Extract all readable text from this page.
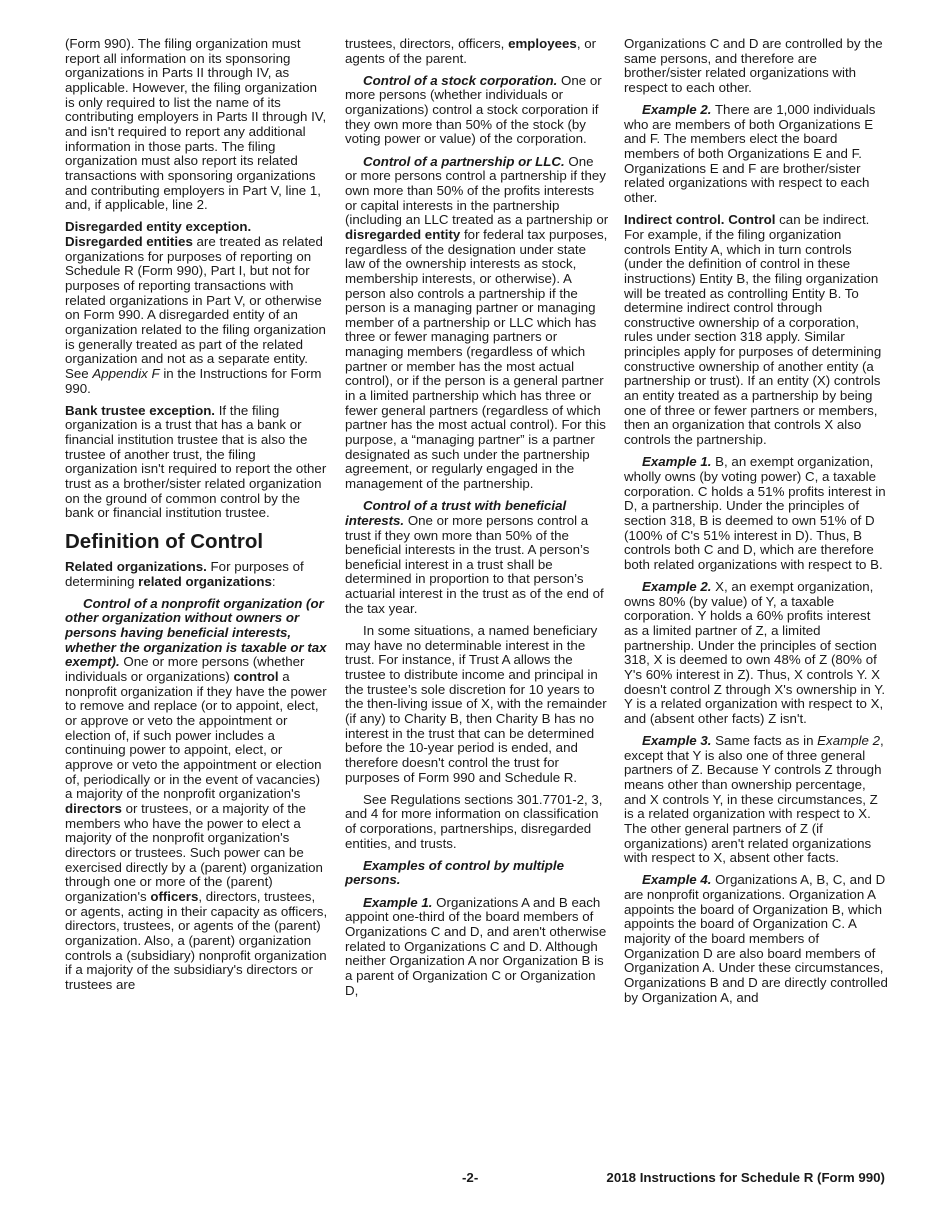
(Form 990). The filing organization must report all information on its sponsoring organizations in Parts II through IV, as applicable. However, the filing organization is only required to list the name of its contributing employers in Parts II through IV, and isn't required to report any additional information in those parts. The filing organization must also report its related transactions with sponsoring organizations and contributing employers in Part V, line 1, and, if applicable, line 2.

Disregarded entity exception. Disregarded entities are treated as related organizations for purposes of reporting on Schedule R (Form 990), Part I, but not for purposes of reporting transactions with related organizations in Part V, or otherwise on Form 990. A disregarded entity of an organization related to the filing organization is generally treated as part of the related organization and not as a separate entity. See Appendix F in the Instructions for Form 990.

Bank trustee exception. If the filing organization is a trust that has a bank or financial institution trustee that is also the trustee of another trust, the filing organization isn't required to report the other trust as a brother/sister related organization on the ground of common control by the bank or financial institution trustee.

Definition of Control

Related organizations. For purposes of determining related organizations:

Control of a nonprofit organization (or other organization without owners or persons having beneficial interests, whether the organization is taxable or tax exempt). One or more persons (whether individuals or organizations) control a nonprofit organization if they have the power to remove and replace (or to appoint, elect, or approve or veto the appointment or election of, if such power includes a continuing power to appoint, elect, or approve or veto the appointment or election of, periodically or in the event of vacancies) a majority of the nonprofit organization's directors or trustees, or a majority of the members who have the power to elect a majority of the nonprofit organization's directors or trustees. Such power can be exercised directly by a (parent) organization through one or more of the (parent) organization's officers, directors, trustees, or agents, acting in their capacity as officers, directors, trustees, or agents of the (parent) organization. Also, a (parent) organization controls a (subsidiary) nonprofit organization if a majority of the subsidiary's directors or trustees are

trustees, directors, officers, employees, or agents of the parent.

Control of a stock corporation. One or more persons (whether individuals or organizations) control a stock corporation if they own more than 50% of the stock (by voting power or value) of the corporation.

Control of a partnership or LLC. One or more persons control a partnership if they own more than 50% of the profits interests or capital interests in the partnership (including an LLC treated as a partnership or disregarded entity for federal tax purposes, regardless of the designation under state law of the ownership interests as stock, membership interests, or otherwise). A person also controls a partnership if the person is a managing partner or managing member of a partnership or LLC which has three or fewer managing partners or managing members (regardless of which partner or member has the most actual control), or if the person is a general partner in a limited partnership which has three or fewer general partners (regardless of which partner has the most actual control). For this purpose, a “managing partner” is a partner designated as such under the partnership agreement, or regularly engaged in the management of the partnership.

Control of a trust with beneficial interests. One or more persons control a trust if they own more than 50% of the beneficial interests in the trust. A person’s beneficial interest in a trust shall be determined in proportion to that person’s actuarial interest in the trust as of the end of the tax year.

In some situations, a named beneficiary may have no determinable interest in the trust. For instance, if Trust A allows the trustee to distribute income and principal in the trustee’s sole discretion for 10 years to the then-living issue of X, with the remainder (if any) to Charity B, then Charity B has no interest in the trust that can be determined before the 10-year period is ended, and therefore doesn't control the trust for purposes of Form 990 and Schedule R.

See Regulations sections 301.7701-2, 3, and 4 for more information on classification of corporations, partnerships, disregarded entities, and trusts.

Examples of control by multiple persons.

Example 1. Organizations A and B each appoint one-third of the board members of Organizations C and D, and aren't otherwise related to Organizations C and D. Although neither Organization A nor Organization B is a parent of Organization C or Organization D,

Organizations C and D are controlled by the same persons, and therefore are brother/sister related organizations with respect to each other.

Example 2. There are 1,000 individuals who are members of both Organizations E and F. The members elect the board members of both Organizations E and F. Organizations E and F are brother/sister related organizations with respect to each other.

Indirect control. Control can be indirect. For example, if the filing organization controls Entity A, which in turn controls (under the definition of control in these instructions) Entity B, the filing organization will be treated as controlling Entity B. To determine indirect control through constructive ownership of a corporation, rules under section 318 apply. Similar principles apply for purposes of determining constructive ownership of another entity (a partnership or trust). If an entity (X) controls an entity treated as a partnership by being one of three or fewer partners or members, then an organization that controls X also controls the partnership.

Example 1. B, an exempt organization, wholly owns (by voting power) C, a taxable corporation. C holds a 51% profits interest in D, a partnership. Under the principles of section 318, B is deemed to own 51% of D (100% of C's 51% interest in D). Thus, B controls both C and D, which are therefore both related organizations with respect to B.

Example 2. X, an exempt organization, owns 80% (by value) of Y, a taxable corporation. Y holds a 60% profits interest as a limited partner of Z, a limited partnership. Under the principles of section 318, X is deemed to own 48% of Z (80% of Y's 60% interest in Z). Thus, X controls Y. X doesn't control Z through X's ownership in Y. Y is a related organization with respect to X, and (absent other facts) Z isn't.

Example 3. Same facts as in Example 2, except that Y is also one of three general partners of Z. Because Y controls Z through means other than ownership percentage, and X controls Y, in these circumstances, Z is a related organization with respect to X. The other general partners of Z (if organizations) aren't related organizations with respect to X, absent other facts.

Example 4. Organizations A, B, C, and D are nonprofit organizations. Organization A appoints the board of Organization B, which appoints the board of Organization C. A majority of the board members of Organization D are also board members of Organization A. Under these circumstances, Organizations B and D are directly controlled by Organization A, and

-2-	2018 Instructions for Schedule R (Form 990)
